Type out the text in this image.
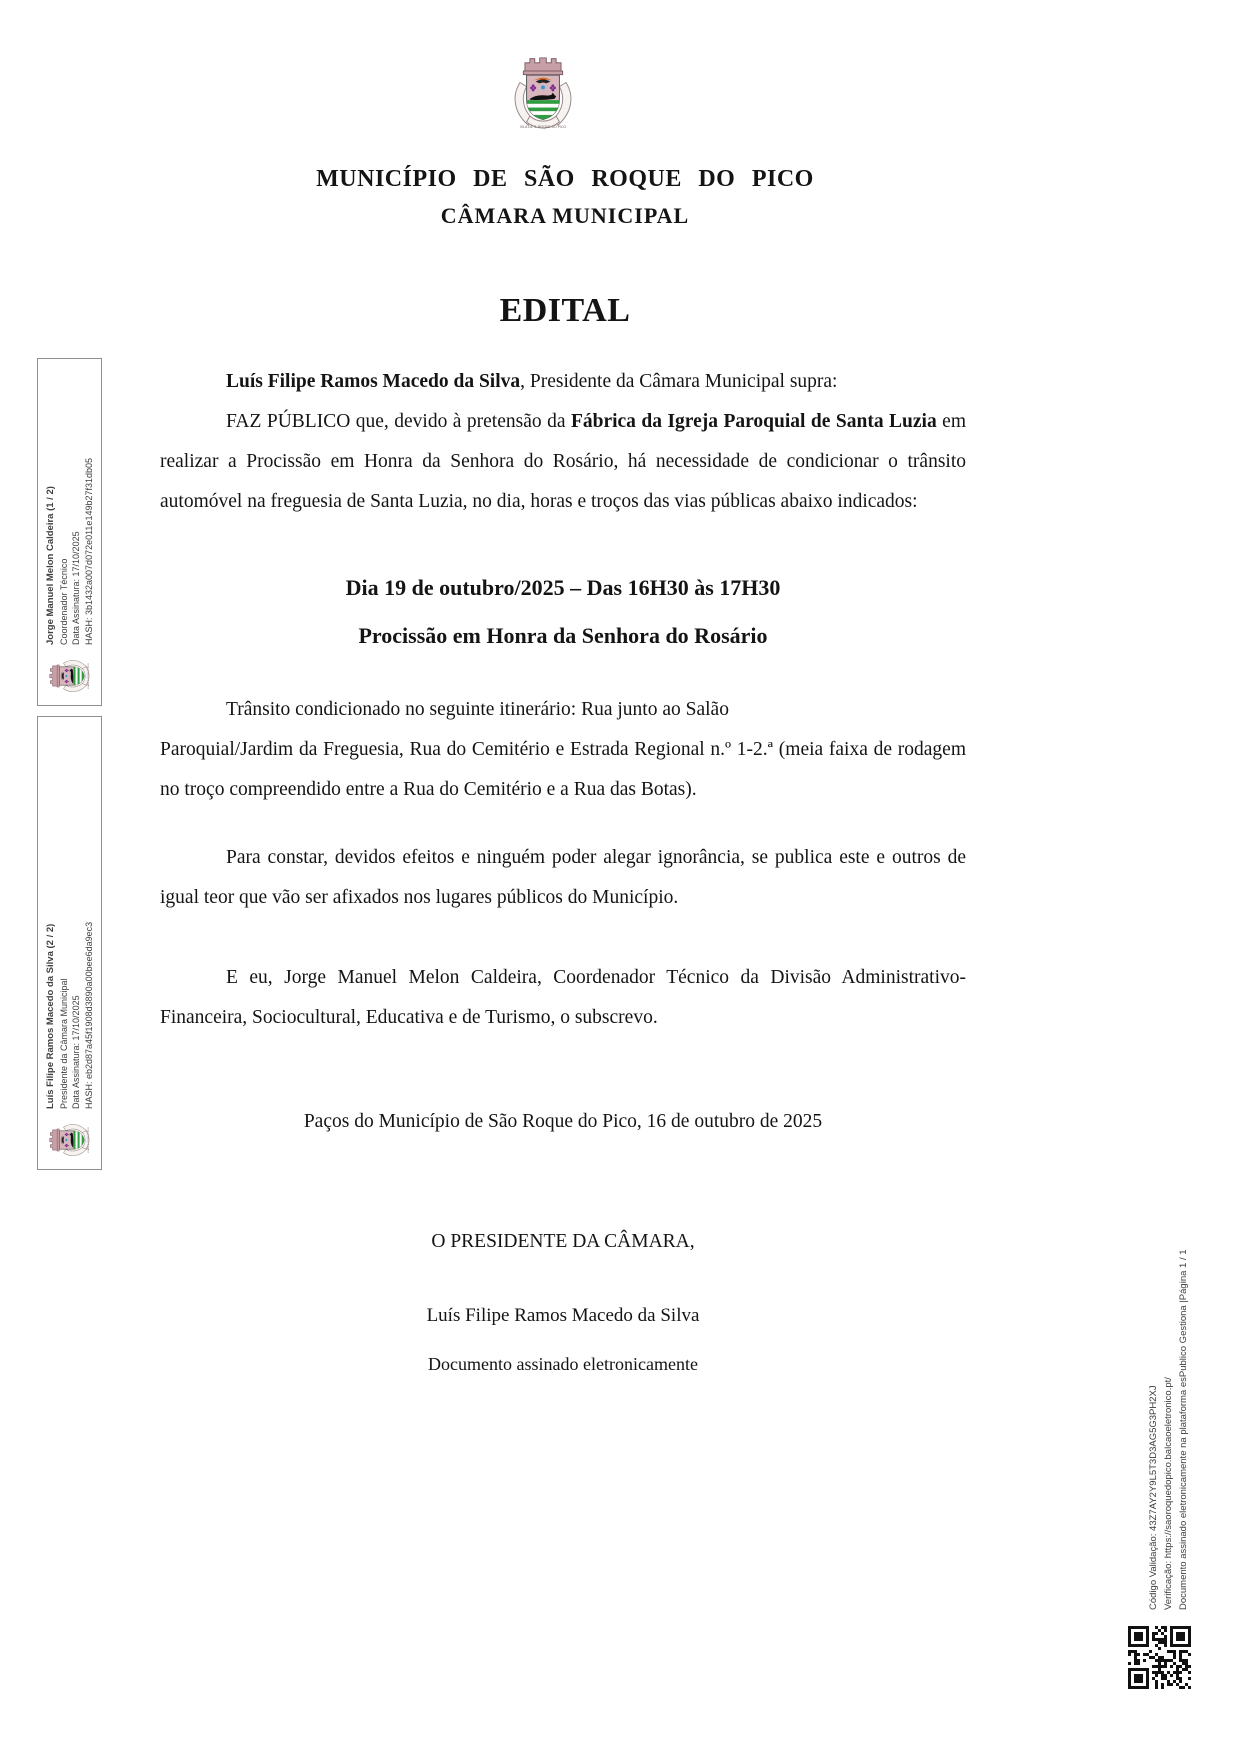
MUNICÍPIO DE SÃO ROQUE DO PICO
CÂMARA MUNICIPAL
EDITAL

Luís Filipe Ramos Macedo da Silva, Presidente da Câmara Municipal supra:

FAZ PÚBLICO que, devido à pretensão da Fábrica da Igreja Paroquial de Santa Luzia em realizar a Procissão em Honra da Senhora do Rosário, há necessidade de condicionar o trânsito automóvel na freguesia de Santa Luzia, no dia, horas e troços das vias públicas abaixo indicados:

Dia 19 de outubro/2025 – Das 16H30 às 17H30
Procissão em Honra da Senhora do Rosário

Trânsito condicionado no seguinte itinerário: Rua junto ao Salão
Paroquial/Jardim da Freguesia, Rua do Cemitério e Estrada Regional n.º 1-2.ª (meia faixa de rodagem no troço compreendido entre a Rua do Cemitério e a Rua das Botas).

Para constar, devidos efeitos e ninguém poder alegar ignorância, se publica este e outros de igual teor que vão ser afixados nos lugares públicos do Município.

E eu, Jorge Manuel Melon Caldeira, Coordenador Técnico da Divisão Administrativo-Financeira, Sociocultural, Educativa e de Turismo, o subscrevo.

Paços do Município de São Roque do Pico, 16 de outubro de 2025

O PRESIDENTE DA CÂMARA,

Luís Filipe Ramos Macedo da Silva

Documento assinado eletronicamente

Jorge Manuel Melon Caldeira (1 / 2) Coordenador Técnico Data Assinatura: 17/10/2025 HASH: 3b1432a007d072e011e149b27f31db05
Luís Filipe Ramos Macedo da Silva (2 / 2) Presidente da Câmara Municipal Data Assinatura: 17/10/2025 HASH: eb2d87a45f1908d3890a00bee6da9ec3
Código Validação: 43Z7AY2Y9L5T3D3AG5G3PH2XJ Verificação: https://saoroquedopico.balcaoeletronico.pt/ Documento assinado eletronicamente na plataforma esPublico Gestiona |Página 1 / 1
